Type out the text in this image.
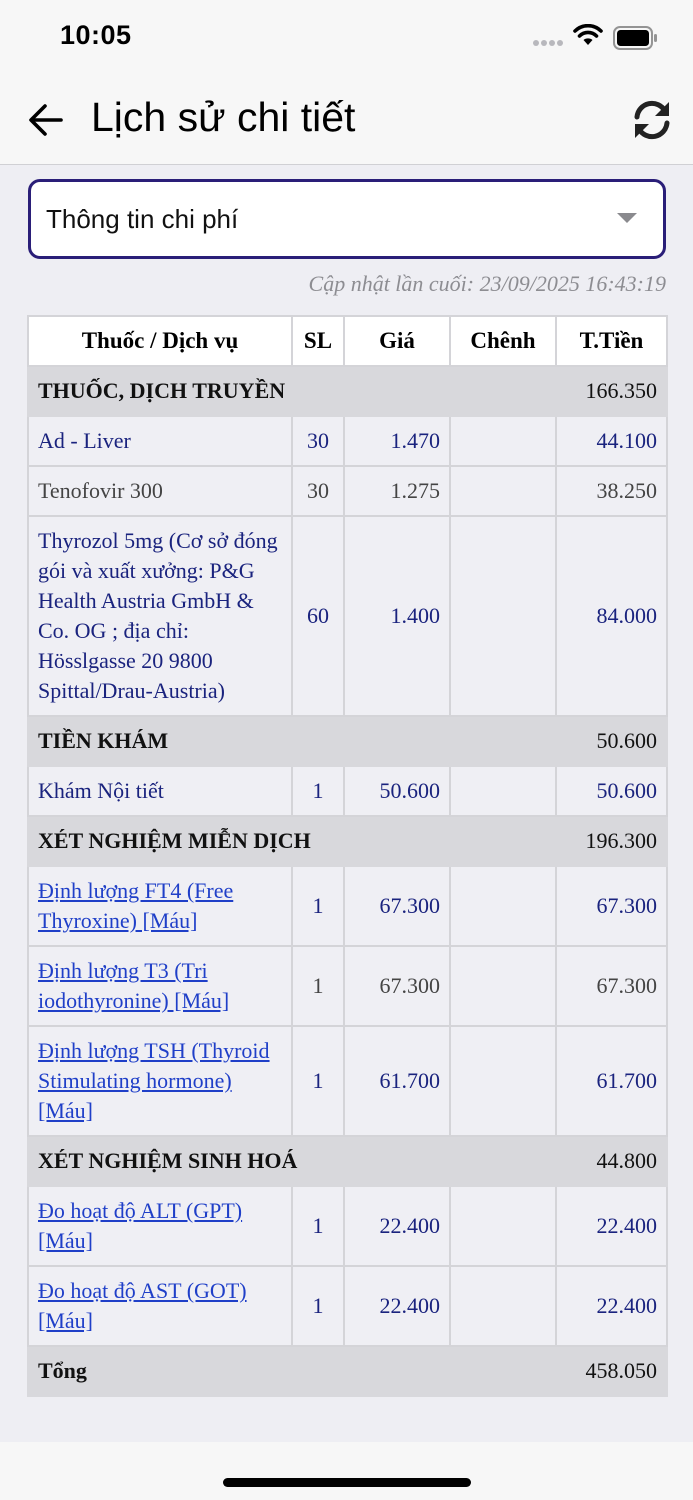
10:05
Lịch sử chi tiết
Thông tin chi phí
Cập nhật lần cuối: 23/09/2025 16:43:19
Thuốc / Dịch vụ	SL	Giá	Chênh	T.Tiền
THUỐC, DỊCH TRUYỀN				166.350
Ad - Liver	30	1.470		44.100
Tenofovir 300	30	1.275		38.250
Thyrozol 5mg (Cơ sở đóng gói và xuất xưởng: P&G Health Austria GmbH & Co. OG ; địa chỉ: Hösslgasse 20 9800 Spittal/Drau-Austria)	60	1.400		84.000
TIỀN KHÁM				50.600
Khám Nội tiết	1	50.600		50.600
XÉT NGHIỆM MIỄN DỊCH				196.300
Định lượng FT4 (Free Thyroxine) [Máu]	1	67.300		67.300
Định lượng T3 (Tri iodothyronine) [Máu]	1	67.300		67.300
Định lượng TSH (Thyroid Stimulating hormone) [Máu]	1	61.700		61.700
XÉT NGHIỆM SINH HOÁ				44.800
Đo hoạt độ ALT (GPT) [Máu]	1	22.400		22.400
Đo hoạt độ AST (GOT) [Máu]	1	22.400		22.400
Tổng				458.050
